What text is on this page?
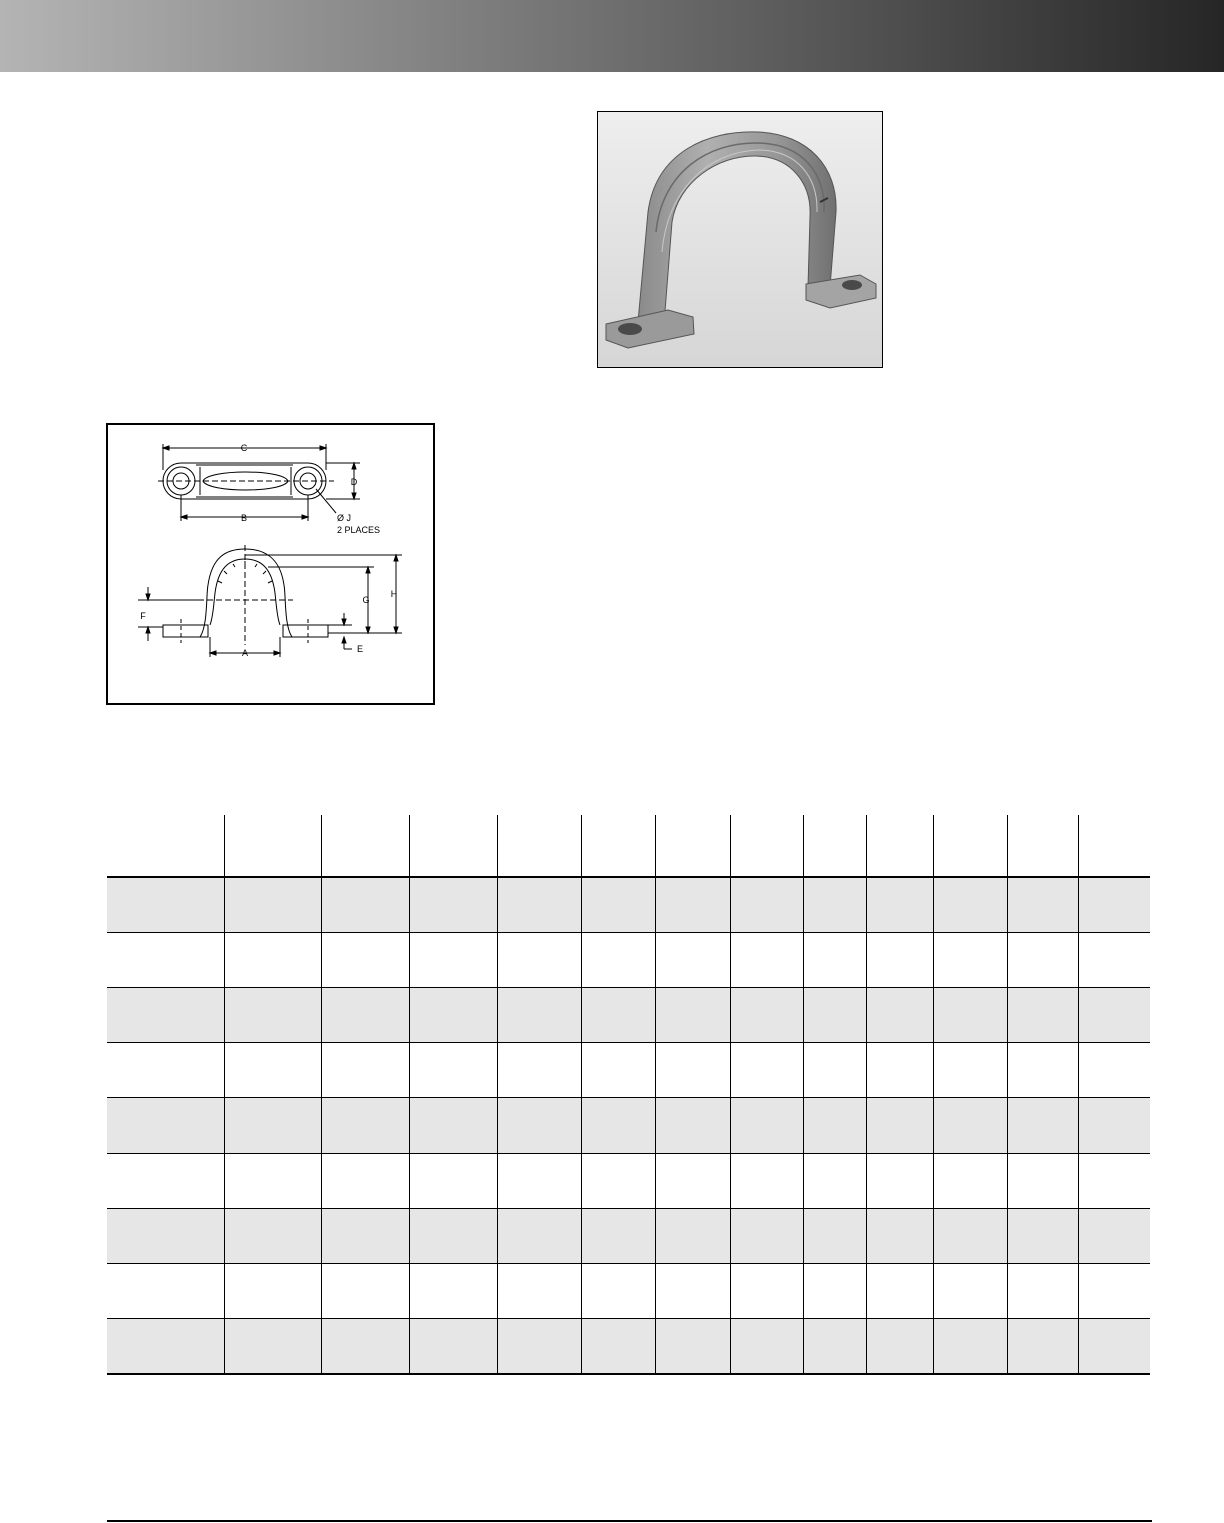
C
D
B	Ø J
2 PLACES
F
G
H
A	E
